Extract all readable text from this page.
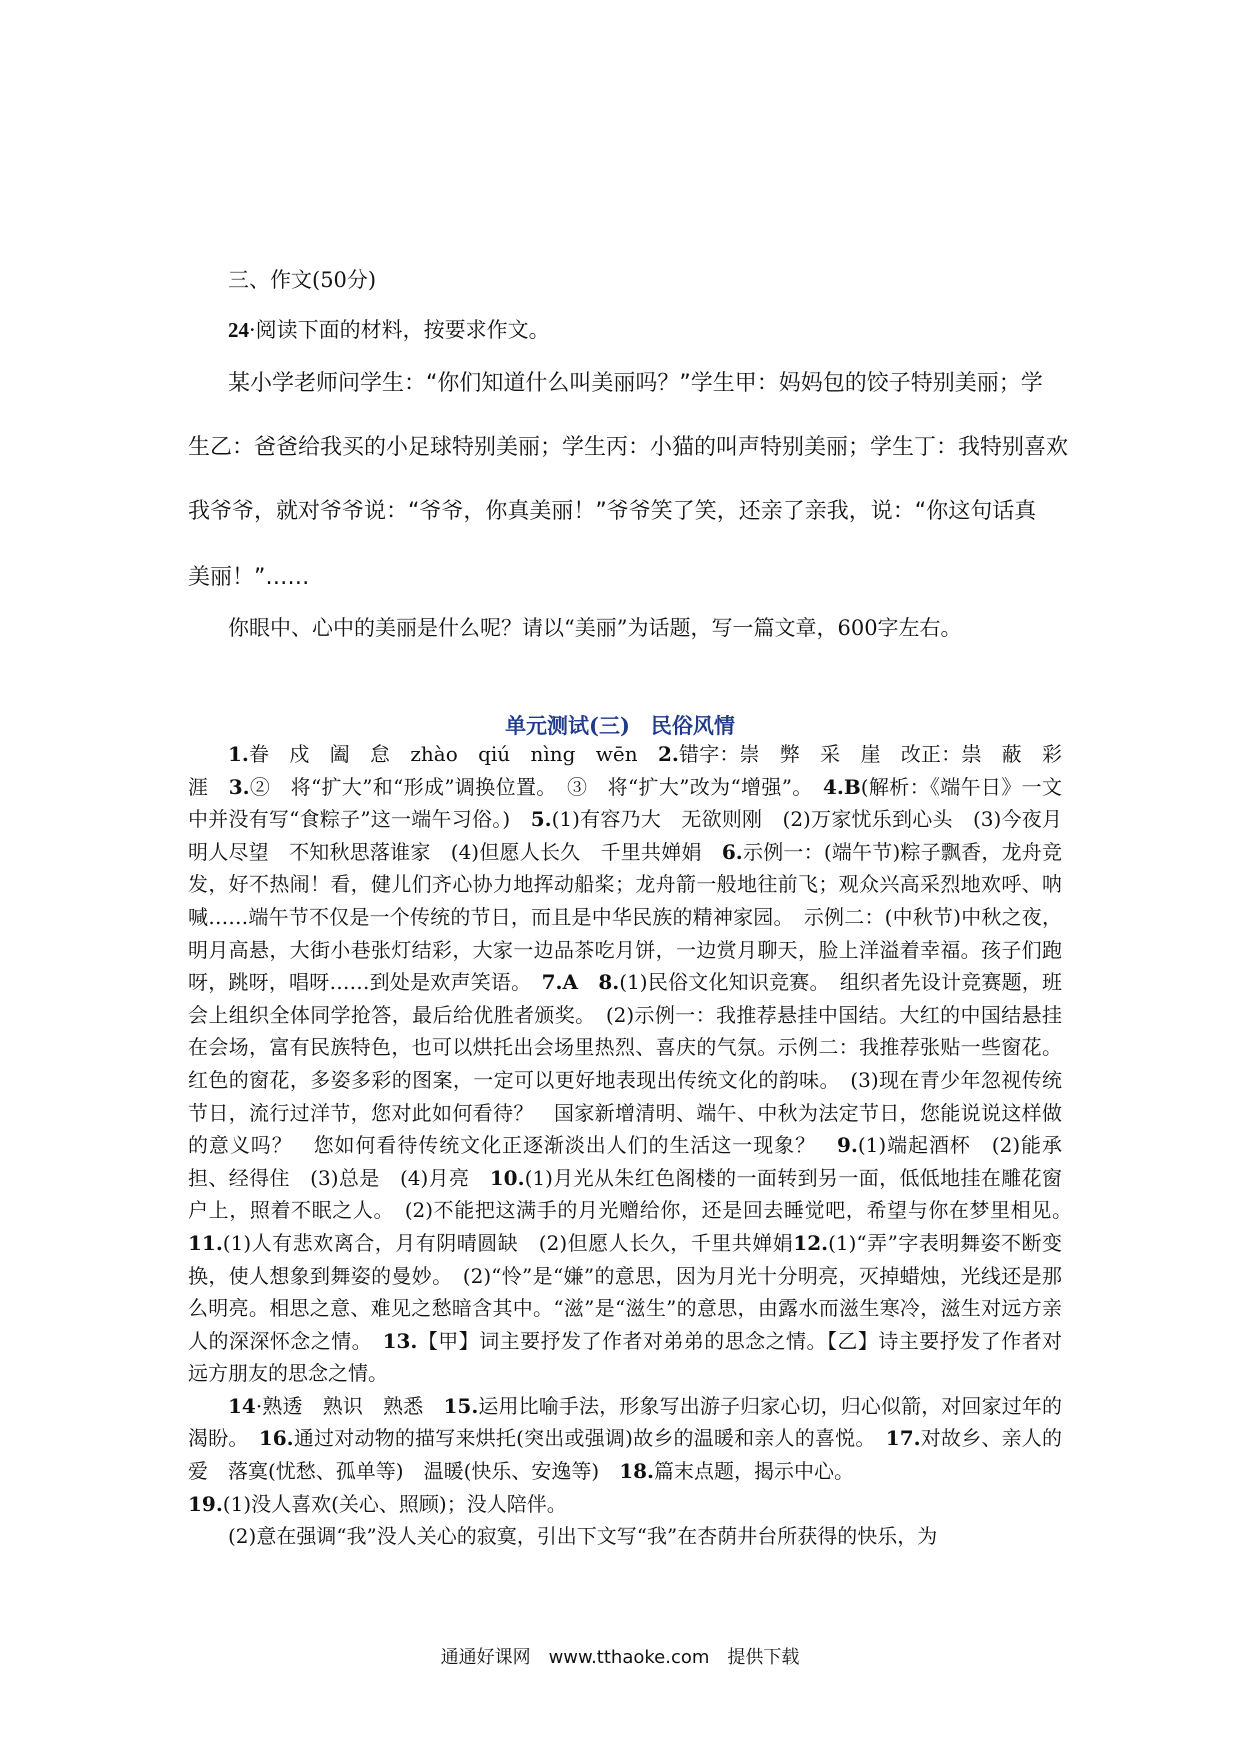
三、作文(50分)
24·阅读下面的材料，按要求作文。
某小学老师问学生：“你们知道什么叫美丽吗？”学生甲：妈妈包的饺子特别美丽；学
生乙：爸爸给我买的小足球特别美丽；学生丙：小猫的叫声特别美丽；学生丁：我特别喜欢
我爷爷，就对爷爷说：“爷爷，你真美丽！”爷爷笑了笑，还亲了亲我，说：“你这句话真
美丽！”……
你眼中、心中的美丽是什么呢？请以“美丽”为话题，写一篇文章，600字左右。
单元测试(三)　民俗风情

1.眷　戍　阖　怠　zhào　qiú　nìng　wēn　2.错字：崇　弊　采　崖　改正：祟　蔽　彩　涯　3.②　将“扩大”和“形成”调换位置。　③　将“扩大”改为“增强”。　4.B(解析：《端午日》一文中并没有写“食粽子”这一端午习俗。)　5.(1)有容乃大　无欲则刚　(2)万家忧乐到心头　(3)今夜月明人尽望　不知秋思落谁家　(4)但愿人长久　千里共婵娟　6.示例一：(端午节)粽子飘香，龙舟竞发，好不热闹！看，健儿们齐心协力地挥动船桨；龙舟箭一般地往前飞；观众兴高采烈地欢呼、呐喊……端午节不仅是一个传统的节日，而且是中华民族的精神家园。　示例二：(中秋节)中秋之夜，明月高悬，大街小巷张灯结彩，大家一边品茶吃月饼，一边赏月聊天，脸上洋溢着幸福。孩子们跑呀，跳呀，唱呀……到处是欢声笑语。　7.A　 8.(1)民俗文化知识竞赛。　组织者先设计竞赛题，班会上组织全体同学抢答，最后给优胜者颁奖。　(2)示例一：我推荐悬挂中国结。大红的中国结悬挂在会场，富有民族特色，也可以烘托出会场里热烈、喜庆的气氛。示例二：我推荐张贴一些窗花。红色的窗花，多姿多彩的图案，一定可以更好地表现出传统文化的韵味。　(3)现在青少年忽视传统节日，流行过洋节，您对此如何看待？　国家新增清明、端午、中秋为法定节日，您能说说这样做的意义吗？　您如何看待传统文化正逐渐淡出人们的生活这一现象？　9.(1)端起酒杯　(2)能承担、经得住　(3)总是　(4)月亮　10.(1)月光从朱红色阁楼的一面转到另一面，低低地挂在雕花窗户上，照着不眠之人。　(2)不能把这满手的月光赠给你，还是回去睡觉吧，希望与你在梦里相见。　11.(1)人有悲欢离合，月有阴晴圆缺　(2)但愿人长久，千里共婵娟12.(1)“弄”字表明舞姿不断变换，使人想象到舞姿的曼妙。　(2)“怜”是“嫌”的意思，因为月光十分明亮，灭掉蜡烛，光线还是那么明亮。相思之意、难见之愁暗含其中。“滋”是“滋生”的意思，由露水而滋生寒冷，滋生对远方亲人的深深怀念之情。　13.【甲】词主要抒发了作者对弟弟的思念之情。【乙】诗主要抒发了作者对远方朋友的思念之情。

14·熟透　熟识　熟悉　15.运用比喻手法，形象写出游子归家心切，归心似箭，对回家过年的渴盼。　16.通过对动物的描写来烘托(突出或强调)故乡的温暖和亲人的喜悦。　17.对故乡、亲人的爱　落寞(忧愁、孤单等)　温暖(快乐、安逸等)　18.篇末点题，揭示中心。

19.(1)没人喜欢(关心、照顾)；没人陪伴。

(2)意在强调“我”没人关心的寂寞，引出下文写“我”在杏荫井台所获得的快乐，为

通通好课网　www.tthaoke.com　提供下载
